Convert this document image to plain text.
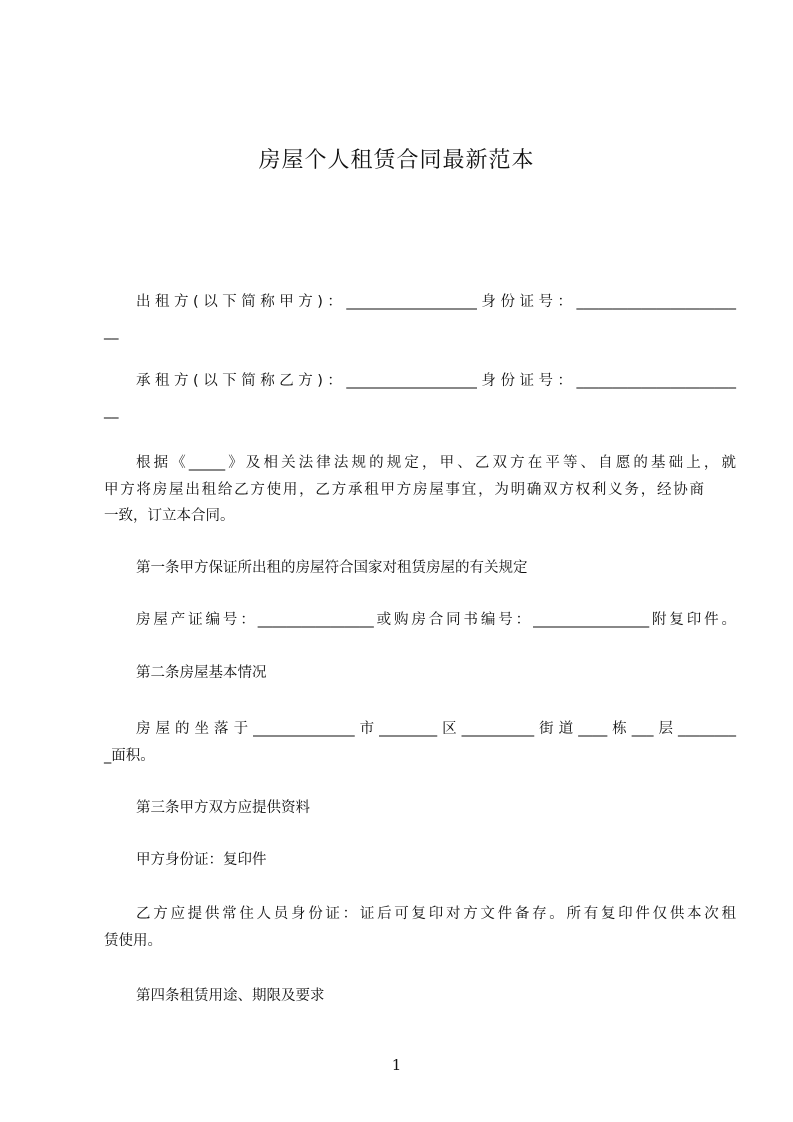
房屋个人租赁合同最新范本
出租方(以下简称甲方)：__________________身份证号：______________________
__
承租方(以下简称乙方)：__________________身份证号：______________________
__
根据《_____》及相关法律法规的规定，甲、乙双方在平等、自愿的基础上，就
甲方将房屋出租给乙方使用，乙方承租甲方房屋事宜，为明确双方权利义务，经协商
一致，订立本合同。
第一条甲方保证所出租的房屋符合国家对租赁房屋的有关规定
房屋产证编号：________________或购房合同书编号：________________附复印件。
第二条房屋基本情况
房屋的坐落于______________市________区__________街道____栋___层________
_面积。
第三条甲方双方应提供资料
甲方身份证：复印件
乙方应提供常住人员身份证：证后可复印对方文件备存。所有复印件仅供本次租
赁使用。
第四条租赁用途、期限及要求
1
